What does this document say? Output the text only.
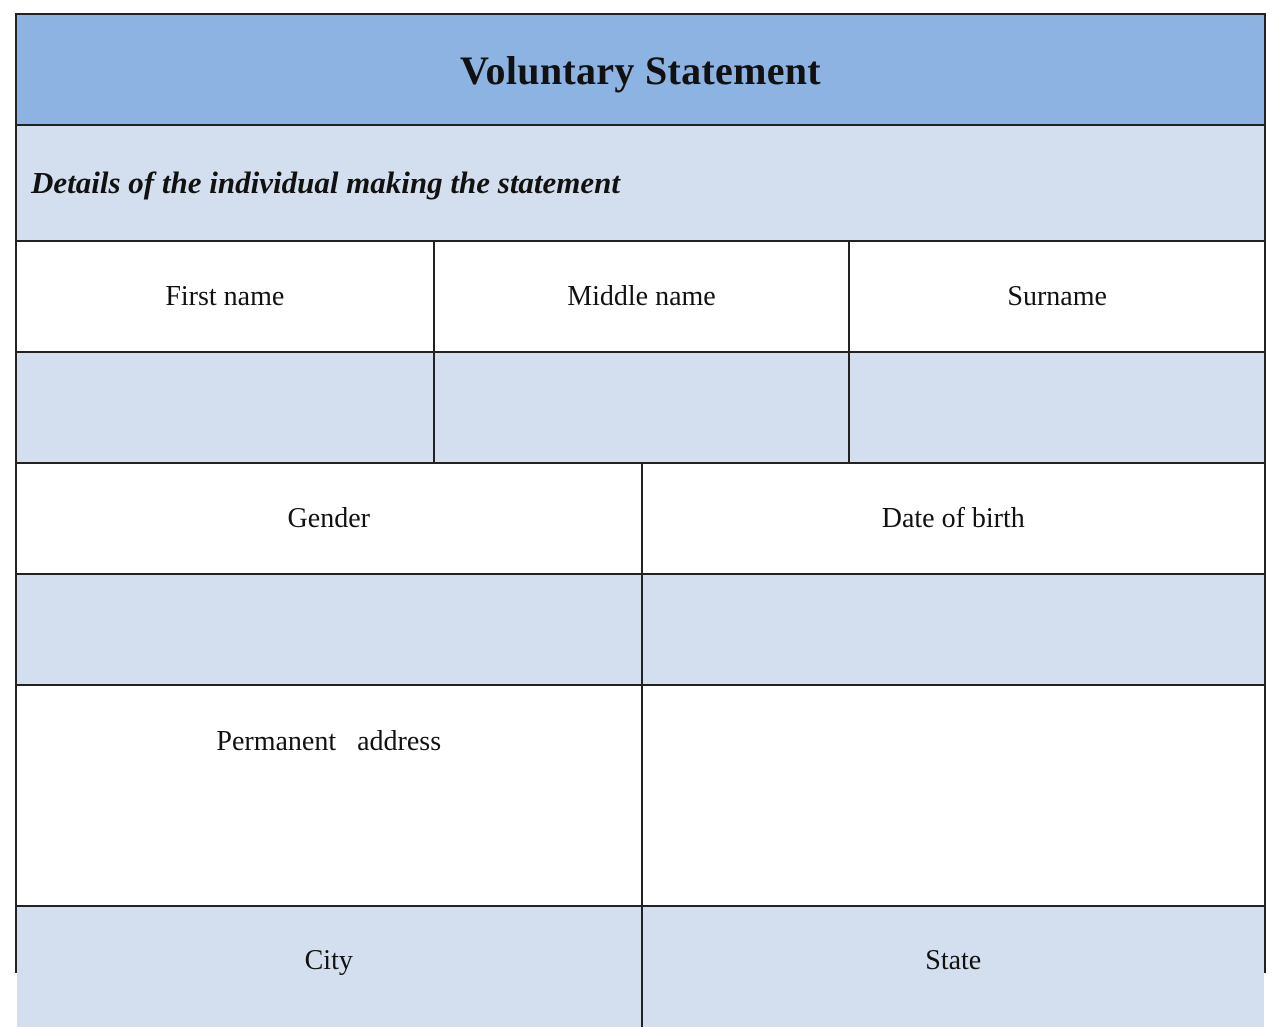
Voluntary Statement
Details of the individual making the statement
First name	Middle name	Surname
Gender	Date of birth
Permanent   address
City	State
